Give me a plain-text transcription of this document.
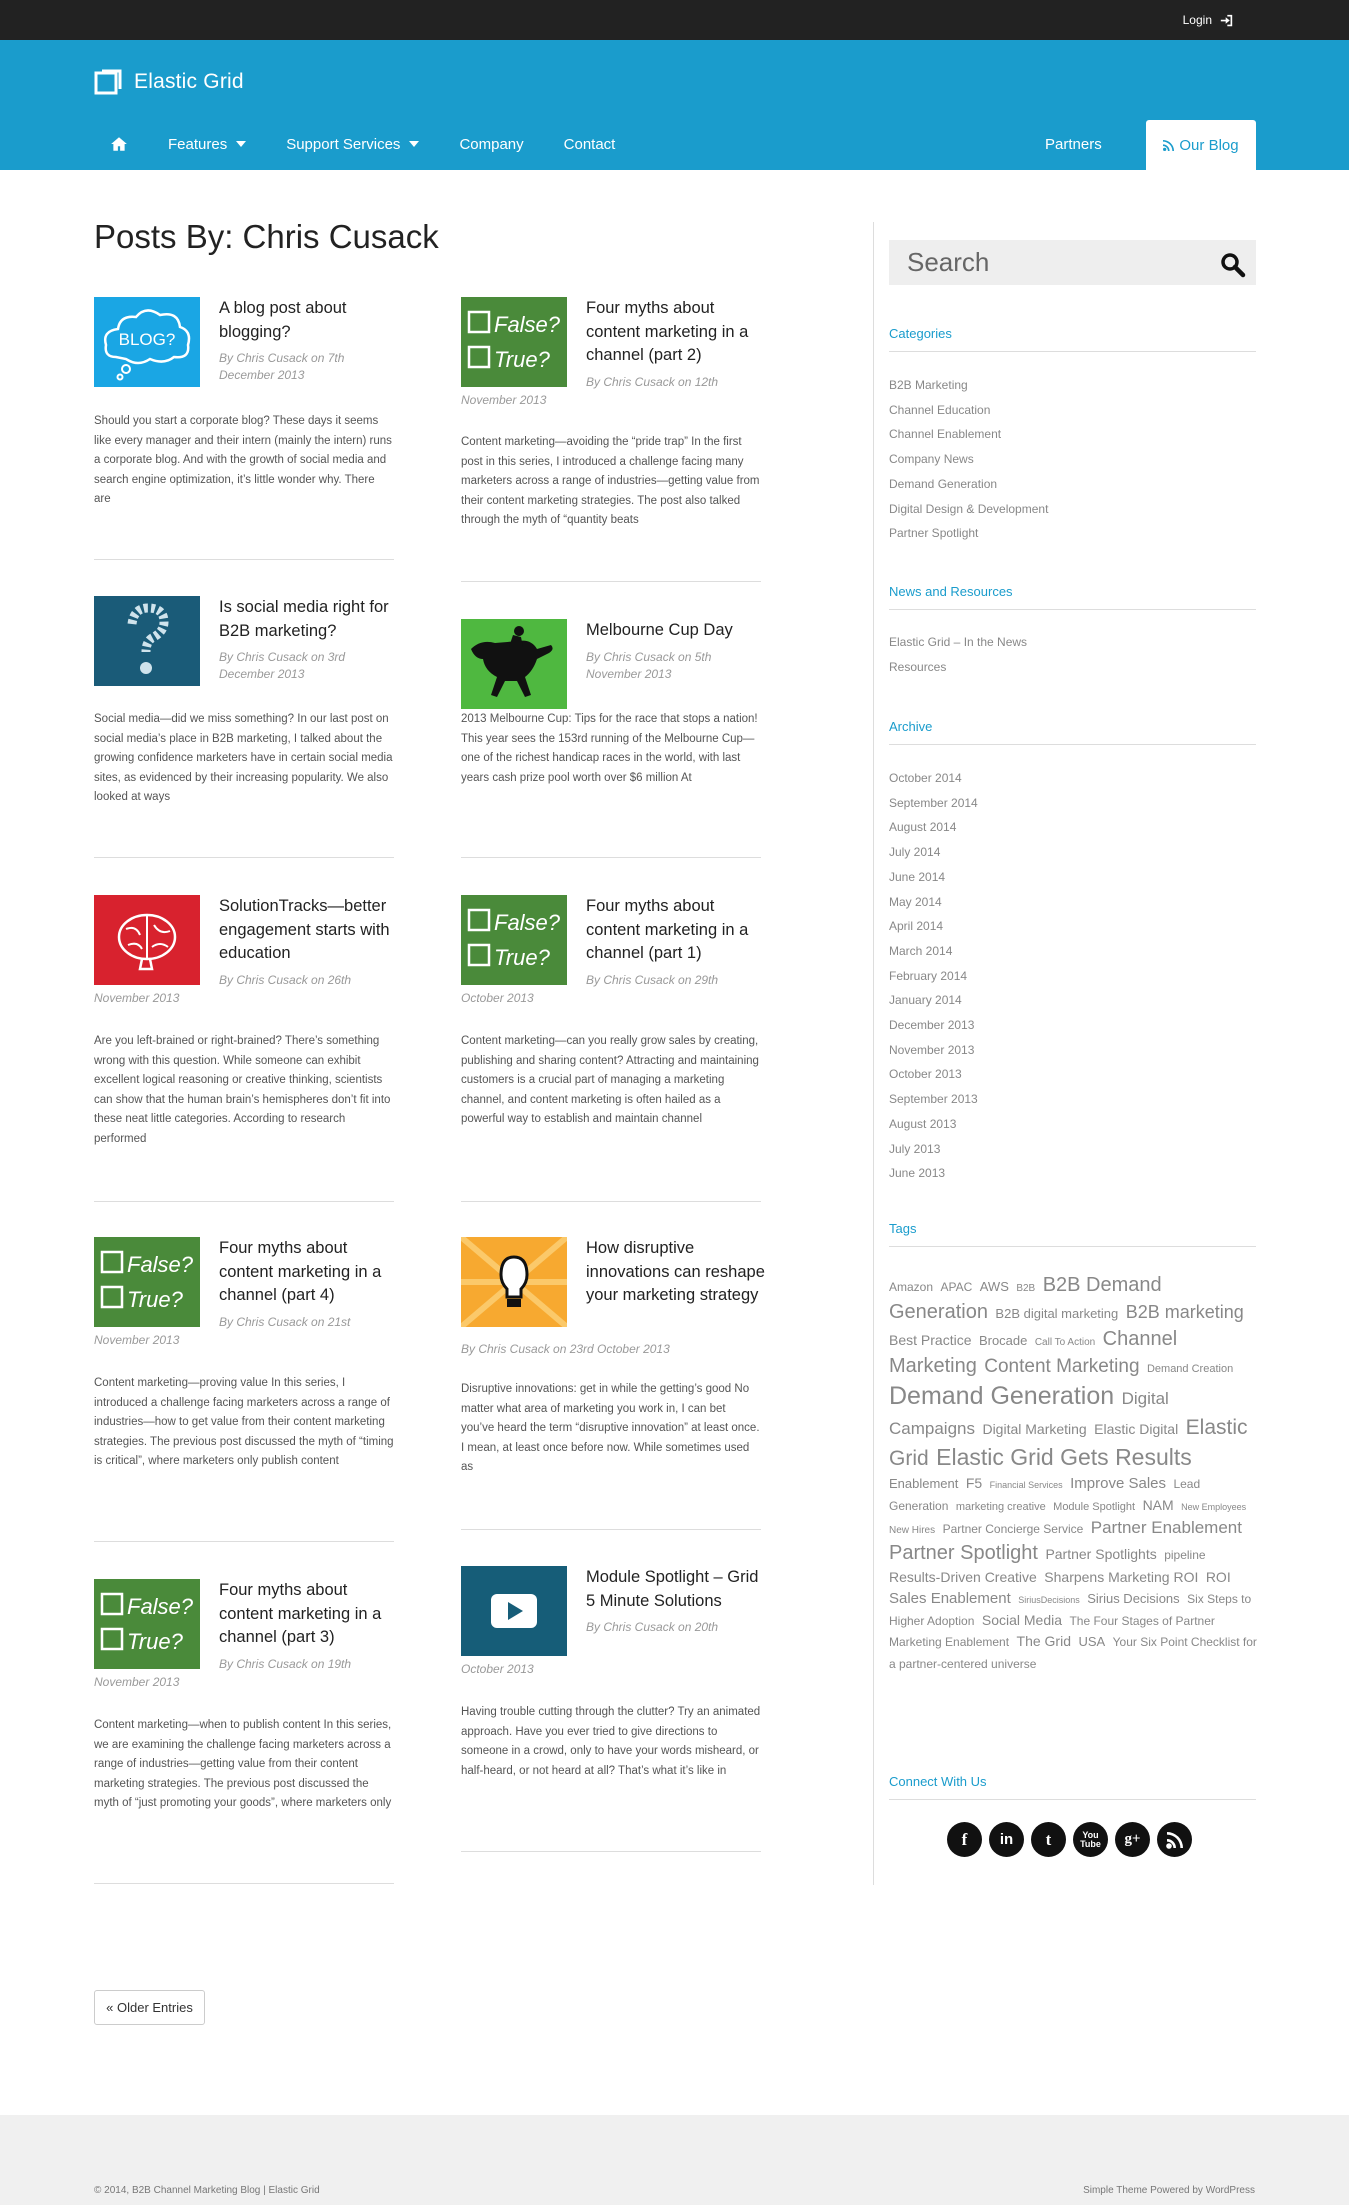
Login
Elastic Grid
Features	Support Services	Company	Contact	Partners	Our Blog
Posts By: Chris Cusack
BLOG?
A blog post about blogging?
By Chris Cusack on 7th December 2013

Should you start a corporate blog? These days it seems like every manager and their intern (mainly the intern) runs a corporate blog. And with the growth of social media and search engine optimization, it’s little wonder why. There are

False?
True?
Four myths about content marketing in a channel (part 2)
By Chris Cusack on 12th
November 2013

Content marketing—avoiding the “pride trap” In the first post in this series, I introduced a challenge facing many marketers across a range of industries—getting value from their content marketing strategies. The post also talked through the myth of “quantity beats

Is social media right for B2B marketing?
By Chris Cusack on 3rd December 2013

Social media—did we miss something? In our last post on social media’s place in B2B marketing, I talked about the growing confidence marketers have in certain social media sites, as evidenced by their increasing popularity. We also looked at ways

Melbourne Cup Day
By Chris Cusack on 5th November 2013

2013 Melbourne Cup: Tips for the race that stops a nation! This year sees the 153rd running of the Melbourne Cup—one of the richest handicap races in the world, with last years cash prize pool worth over $6 million At

SolutionTracks—better engagement starts with education
By Chris Cusack on 26th
November 2013

Are you left-brained or right-brained? There’s something wrong with this question. While someone can exhibit excellent logical reasoning or creative thinking, scientists can show that the human brain’s hemispheres don’t fit into these neat little categories. According to research performed

False?
True?
Four myths about content marketing in a channel (part 1)
By Chris Cusack on 29th
October 2013

Content marketing—can you really grow sales by creating, publishing and sharing content? Attracting and maintaining customers is a crucial part of managing a marketing channel, and content marketing is often hailed as a powerful way to establish and maintain channel

False?
True?
Four myths about content marketing in a channel (part 4)
By Chris Cusack on 21st
November 2013

Content marketing—proving value In this series, I introduced a challenge facing marketers across a range of industries—how to get value from their content marketing strategies. The previous post discussed the myth of “timing is critical”, where marketers only publish content

How disruptive innovations can reshape your marketing strategy
By Chris Cusack on 23rd October 2013

Disruptive innovations: get in while the getting’s good No matter what area of marketing you work in, I can bet you’ve heard the term “disruptive innovation” at least once. I mean, at least once before now. While sometimes used as

False?
True?
Four myths about content marketing in a channel (part 3)
By Chris Cusack on 19th
November 2013

Content marketing—when to publish content In this series, we are examining the challenge facing marketers across a range of industries—getting value from their content marketing strategies. The previous post discussed the myth of “just promoting your goods”, where marketers only

Module Spotlight – Grid 5 Minute Solutions
By Chris Cusack on 20th
October 2013

Having trouble cutting through the clutter? Try an animated approach. Have you ever tried to give directions to someone in a crowd, only to have your words misheard, or half-heard, or not heard at all? That’s what it’s like in

« Older Entries
Search
Categories
B2B Marketing
Channel Education
Channel Enablement
Company News
Demand Generation
Digital Design & Development
Partner Spotlight
News and Resources
Elastic Grid – In the News
Resources
Archive
October 2014
September 2014
August 2014
July 2014
June 2014
May 2014
April 2014
March 2014
February 2014
January 2014
December 2013
November 2013
October 2013
September 2013
August 2013
July 2013
June 2013
Tags
Amazon APAC AWS B2B B2B Demand Generation B2B digital marketing B2B marketing Best Practice Brocade Call To Action Channel Marketing Content Marketing Demand Creation Demand Generation Digital Campaigns Digital Marketing Elastic Digital Elastic Grid Elastic Grid Gets Results Enablement F5 Financial Services Improve Sales Lead Generation marketing creative Module Spotlight NAM New Employees New Hires Partner Concierge Service Partner Enablement Partner Spotlight Partner Spotlights pipeline Results-Driven Creative Sharpens Marketing ROI ROI Sales Enablement SiriusDecisions Sirius Decisions Six Steps to Higher Adoption Social Media The Four Stages of Partner Marketing Enablement The Grid USA Your Six Point Checklist for a partner-centered universe
Connect With Us
f	in	t	You
Tube	g+
© 2014, B2B Channel Marketing Blog | Elastic Grid	Simple Theme Powered by WordPress
